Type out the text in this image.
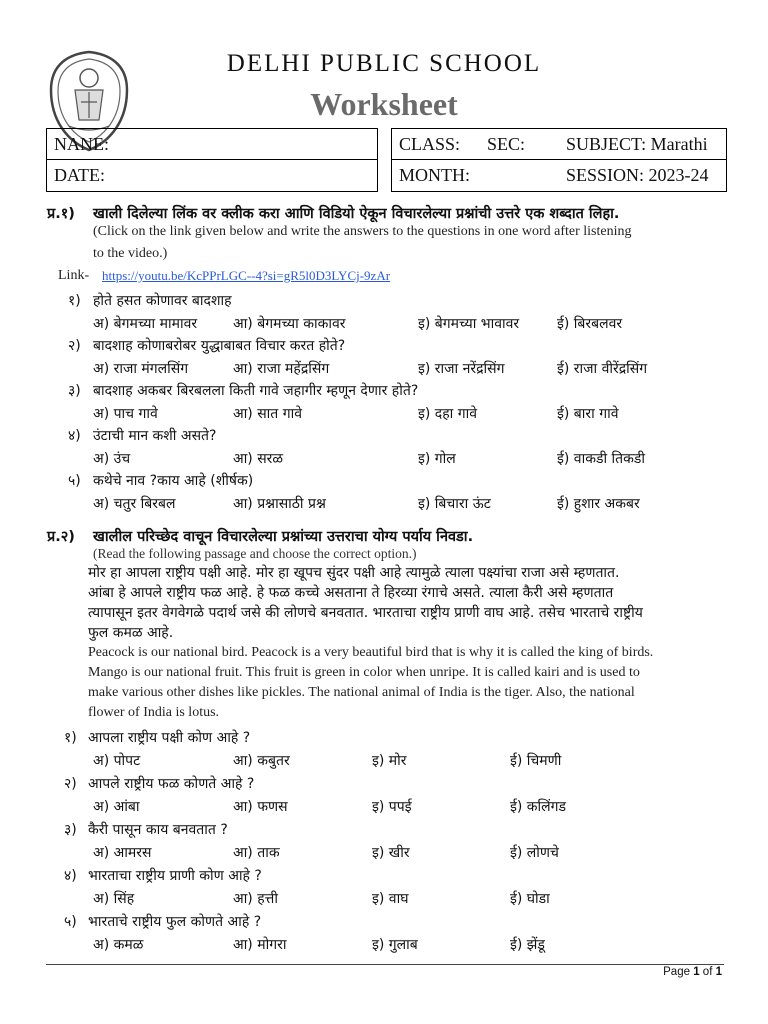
DELHI PUBLIC SCHOOL
Worksheet
NANE:
DATE:
CLASS: SEC: SUBJECT: Marathi
MONTH:	SESSION: 2023-24
प्र.१) खाली दिलेल्या लिंक वर क्लीक करा आणि विडियो ऐकून विचारलेल्या प्रश्नांची उत्तरे एक शब्दात लिहा.
(Click on the link given below and write the answers to the questions in one word after listening
to the video.)
Link- https://youtu.be/KcPPrLGC--4?si=gR5l0D3LYCj-9zAr
१) होते हसत कोणावर बादशाह
अ) बेगमच्या मामावर	आ) बेगमच्या काकावर	इ) बेगमच्या भावावर	ई) बिरबलवर
२) बादशाह कोणाबरोबर युद्धाबाबत विचार करत होते?
अ) राजा मंगलसिंग	आ) राजा महेंद्रसिंग	इ) राजा नरेंद्रसिंग	ई) राजा वीरेंद्रसिंग
३) बादशाह अकबर बिरबलला किती गावे जहागीर म्हणून देणार होते?
अ) पाच गावे	आ) सात गावे	इ) दहा गावे	ई) बारा गावे
४) उंटाची मान कशी असते?
अ) उंच	आ) सरळ	इ) गोल	ई) वाकडी तिकडी
५) कथेचे नाव ?काय आहे (शीर्षक)
अ) चतुर बिरबल	आ) प्रश्नासाठी प्रश्न	इ) बिचारा ऊंट	ई) हुशार अकबर
प्र.२) खालील परिच्छेद वाचून विचारलेल्या प्रश्नांच्या उत्तराचा योग्य पर्याय निवडा.
(Read the following passage and choose the correct option.)
मोर हा आपला राष्ट्रीय पक्षी आहे. मोर हा खूपच सुंदर पक्षी आहे त्यामुळे त्याला पक्ष्यांचा राजा असे म्हणतात.
आंबा हे आपले राष्ट्रीय फळ आहे. हे फळ कच्चे असताना ते हिरव्या रंगाचे असते. त्याला कैरी असे म्हणतात
त्यापासून इतर वेगवेगळे पदार्थ जसे की लोणचे बनवतात. भारताचा राष्ट्रीय प्राणी वाघ आहे. तसेच भारताचे राष्ट्रीय
फुल कमळ आहे.
Peacock is our national bird. Peacock is a very beautiful bird that is why it is called the king of birds.
Mango is our national fruit. This fruit is green in color when unripe. It is called kairi and is used to
make various other dishes like pickles. The national animal of India is the tiger. Also, the national
flower of India is lotus.
१) आपला राष्ट्रीय पक्षी कोण आहे ?
अ) पोपट	आ) कबुतर	इ) मोर	ई) चिमणी
२) आपले राष्ट्रीय फळ कोणते आहे ?
अ) आंबा	आ) फणस	इ) पपई	ई) कलिंगड
३) कैरी पासून काय बनवतात ?
अ) आमरस	आ) ताक	इ) खीर	ई) लोणचे
४) भारताचा राष्ट्रीय प्राणी कोण आहे ?
अ) सिंह	आ) हत्ती	इ) वाघ	ई) घोडा
५) भारताचे राष्ट्रीय फुल कोणते आहे ?
अ) कमळ	आ) मोगरा	इ) गुलाब	ई) झेंडू
Page 1 of 1
